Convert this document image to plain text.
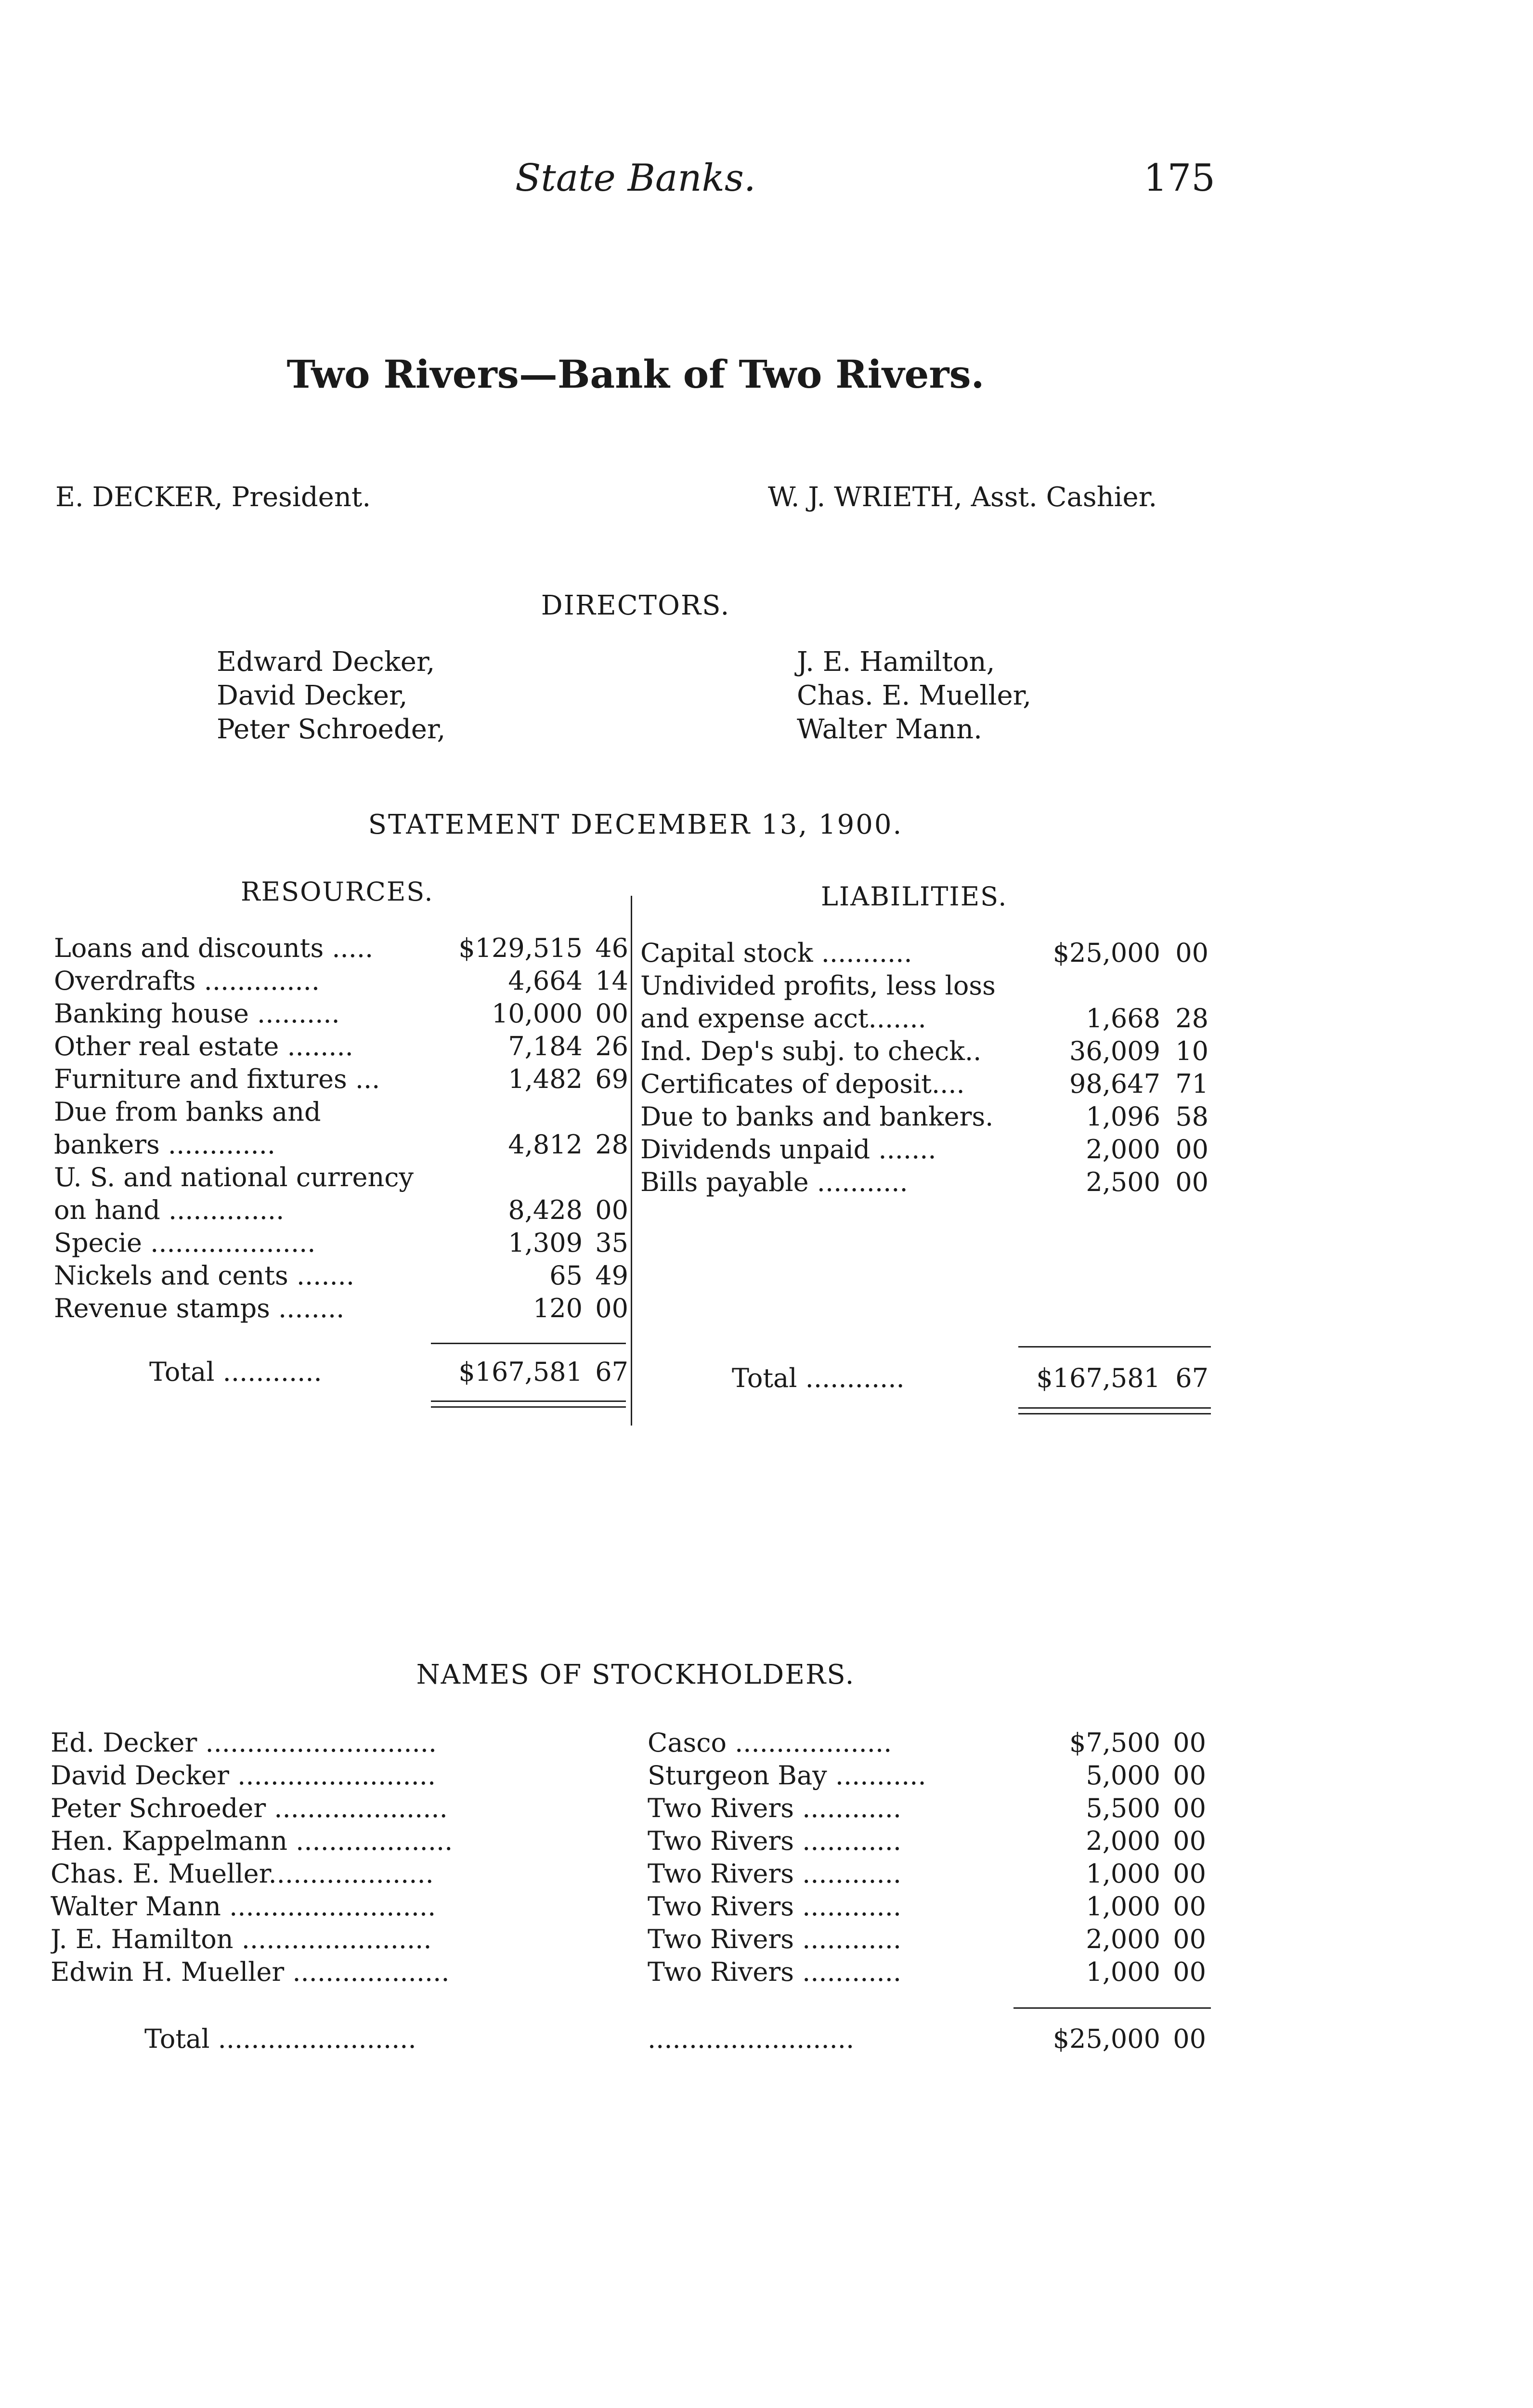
State Banks.	175
Two Rivers—Bank of Two Rivers.
E. DECKER, President.	W. J. WRIETH, Asst. Cashier.
DIRECTORS.
Edward Decker,
David Decker,
Peter Schroeder,
J. E. Hamilton,
Chas. E. Mueller,
Walter Mann.
STATEMENT DECEMBER 13, 1900.
RESOURCES.	LIABILITIES.
Loans and discounts .....	$129,515 46
Overdrafts ..............	4,664 14
Banking house ..........	10,000 00
Other real estate ........	7,184 26
Furniture and fixtures ...	1,482 69
Due from banks and
bankers .............	4,812 28
U. S. and national currency
on hand ..............	8,428 00
Specie ....................	1,309 35
Nickels and cents .......	65 49
Revenue stamps ........	120 00
Total ............	$167,581 67
Capital stock ...........	$25,000 00
Undivided profits, less loss
and expense acct.......	1,668 28
Ind. Dep's subj. to check..	36,009 10
Certificates of deposit....	98,647 71
Due to banks and bankers.	1,096 58
Dividends unpaid .......	2,000 00
Bills payable ...........	2,500 00
Total ............	$167,581 67
NAMES OF STOCKHOLDERS.
Ed. Decker ............................	Casco ...................	$7,500 00
David Decker ........................	Sturgeon Bay ...........	5,000 00
Peter Schroeder .....................	Two Rivers ............	5,500 00
Hen. Kappelmann ...................	Two Rivers ............	2,000 00
Chas. E. Mueller....................	Two Rivers ............	1,000 00
Walter Mann .........................	Two Rivers ............	1,000 00
J. E. Hamilton .......................	Two Rivers ............	2,000 00
Edwin H. Mueller ...................	Two Rivers ............	1,000 00
Total ........................	.........................	$25,000 00
